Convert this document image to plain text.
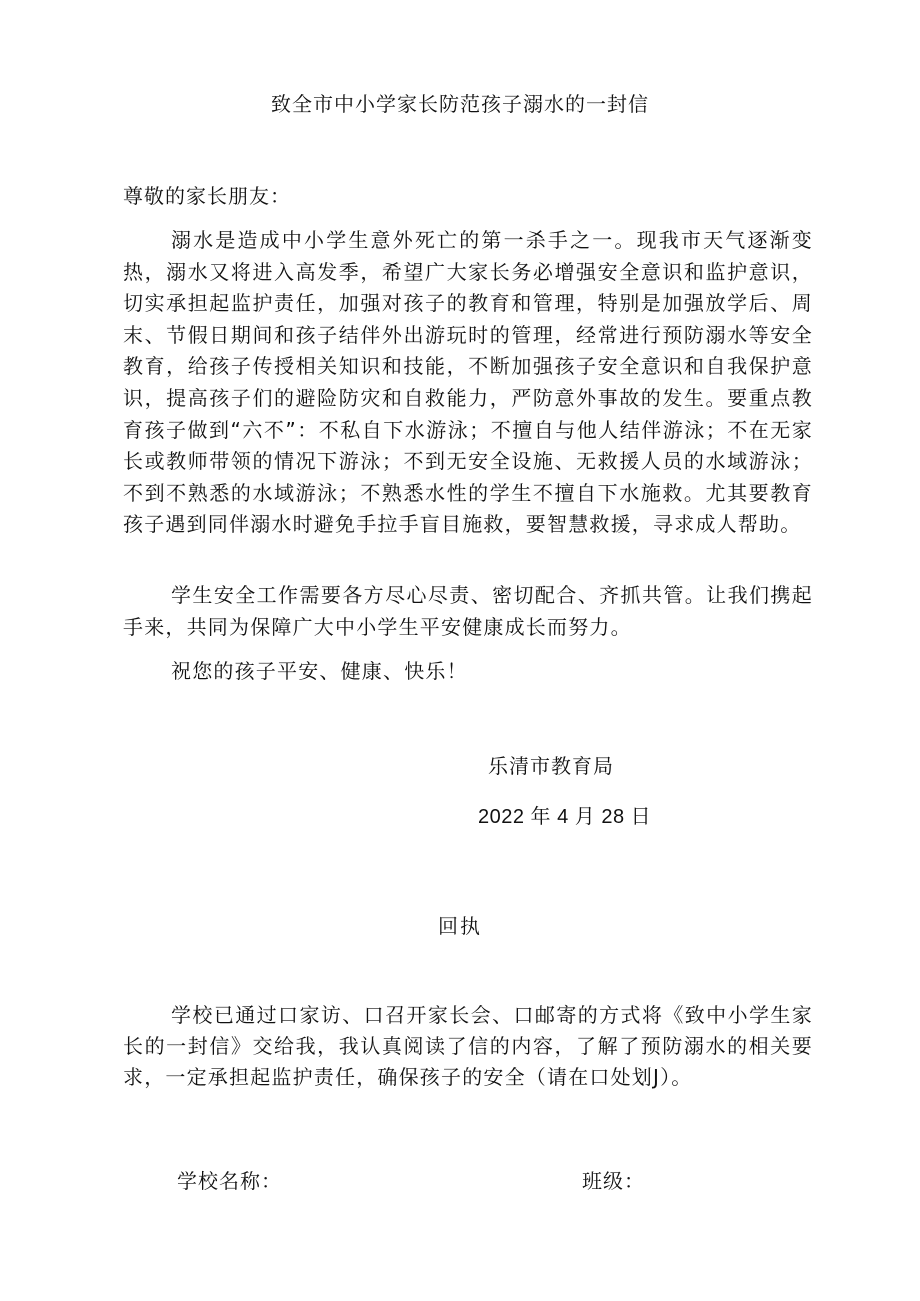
致全市中小学家长防范孩子溺水的一封信
尊敬的家长朋友：

溺水是造成中小学生意外死亡的第一杀手之一。现我市天气逐渐变热，溺水又将进入高发季，希望广大家长务必增强安全意识和监护意识，切实承担起监护责任，加强对孩子的教育和管理，特别是加强放学后、周末、节假日期间和孩子结伴外出游玩时的管理，经常进行预防溺水等安全教育，给孩子传授相关知识和技能，不断加强孩子安全意识和自我保护意识，提高孩子们的避险防灾和自救能力，严防意外事故的发生。要重点教育孩子做到“六不”：不私自下水游泳；不擅自与他人结伴游泳；不在无家长或教师带领的情况下游泳；不到无安全设施、无救援人员的水域游泳；不到不熟悉的水域游泳；不熟悉水性的学生不擅自下水施救。尤其要教育孩子遇到同伴溺水时避免手拉手盲目施救，要智慧救援，寻求成人帮助。

学生安全工作需要各方尽心尽责、密切配合、齐抓共管。让我们携起手来，共同为保障广大中小学生平安健康成长而努力。

祝您的孩子平安、健康、快乐！

乐清市教育局
2022 年 4 月 28 日
回执

学校已通过口家访、口召开家长会、口邮寄的方式将《致中小学生家长的一封信》交给我，我认真阅读了信的内容，了解了预防溺水的相关要求，一定承担起监护责任，确保孩子的安全（请在口处划J）。

学校名称：	班级：
